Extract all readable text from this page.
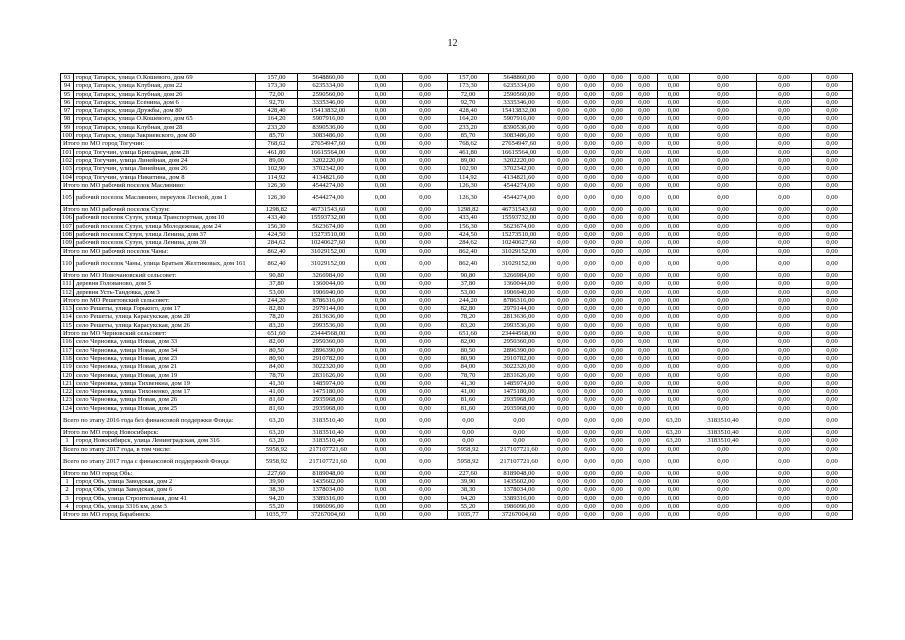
12
93	город Татарск, улица О.Кошевого, дом 69	157,00	5648860,00	0,00	0,00	157,00	5648860,00	0,00	0,00	0,00	0,00	0,00	0,00	0,00	0,00
94	город Татарск, улица Клубная, дом 22	173,30	6235334,00	0,00	0,00	173,30	6235334,00	0,00	0,00	0,00	0,00	0,00	0,00	0,00	0,00
95	город Татарск, улица Клубная, дом 26	72,00	2590560,00	0,00	0,00	72,00	2590560,00	0,00	0,00	0,00	0,00	0,00	0,00	0,00	0,00
96	город Татарск, улица Есенина, дом 6	92,70	3335346,00	0,00	0,00	92,70	3335346,00	0,00	0,00	0,00	0,00	0,00	0,00	0,00	0,00
97	город Татарск, улица Дружбы, дом 80	428,40	15413832,00	0,00	0,00	428,40	15413832,00	0,00	0,00	0,00	0,00	0,00	0,00	0,00	0,00
98	город Татарск, улица О.Кошевого, дом 65	164,20	5907916,00	0,00	0,00	164,20	5907916,00	0,00	0,00	0,00	0,00	0,00	0,00	0,00	0,00
99	город Татарск, улица Клубная, дом 28	233,20	8390536,00	0,00	0,00	233,20	8390536,00	0,00	0,00	0,00	0,00	0,00	0,00	0,00	0,00
100	город Татарск, улица Закриевского, дом 80	85,70	3083486,00	0,00	0,00	85,70	3083486,00	0,00	0,00	0,00	0,00	0,00	0,00	0,00	0,00
Итого по МО город Тогучин:		768,62	27654947,60	0,00	0,00	768,62	27654947,60	0,00	0,00	0,00	0,00	0,00	0,00	0,00	0,00
101	город Тогучин, улица Бригадная, дом 28	461,80	16615564,00	0,00	0,00	461,80	16615564,00	0,00	0,00	0,00	0,00	0,00	0,00	0,00	0,00
102	город Тогучин, улица Линейная, дом 24	89,00	3202220,00	0,00	0,00	89,00	3202220,00	0,00	0,00	0,00	0,00	0,00	0,00	0,00	0,00
103	город Тогучин, улица Линейная, дом 26	102,90	3702342,00	0,00	0,00	102,90	3702342,00	0,00	0,00	0,00	0,00	0,00	0,00	0,00	0,00
104	город Тогучин, улица Никитина, дом 8	114,92	4134821,60	0,00	0,00	114,92	4134821,60	0,00	0,00	0,00	0,00	0,00	0,00	0,00	0,00
Итого по МО рабочий поселок Масляниио:		126,30	4544274,00	0,00	0,00	126,30	4544274,00	0,00	0,00	0,00	0,00	0,00	0,00	0,00	0,00
105	рабочий поселок Маслянино, переулок Лесной, дом 1	126,30	4544274,00	0,00	0,00	126,30	4544274,00	0,00	0,00	0,00	0,00	0,00	0,00	0,00	0,00
Итого по МО рабочий поселок Сузун:		1298,82	46731543,60	0,00	0,00	1298,82	46731543,60	0,00	0,00	0,00	0,00	0,00	0,00	0,00	0,00
106	рабочий поселок Сузун, улица Транспортная, дом 10	433,40	15593732,00	0,00	0,00	433,40	15593732,00	0,00	0,00	0,00	0,00	0,00	0,00	0,00	0,00
107	рабочий поселок Сузун, улица Молодежная, дом 24	156,30	5623674,00	0,00	0,00	156,30	5623674,00	0,00	0,00	0,00	0,00	0,00	0,00	0,00	0,00
108	рабочий поселок Сузун, улица Ленина, дом 37	424,50	15273510,00	0,00	0,00	424,50	15273510,00	0,00	0,00	0,00	0,00	0,00	0,00	0,00	0,00
109	рабочий поселок Сузун, улица Ленина, дом 39	284,62	10240627,60	0,00	0,00	284,62	10240627,60	0,00	0,00	0,00	0,00	0,00	0,00	0,00	0,00
Итого по МО рабочий поселок Чаны:		862,40	31029152,00	0,00	0,00	862,40	31029152,00	0,00	0,00	0,00	0,00	0,00	0,00	0,00	0,00
110	рабочий поселок Чаны, улица Братьев Желтиковых, дом 161	862,40	31029152,00	0,00	0,00	862,40	31029152,00	0,00	0,00	0,00	0,00	0,00	0,00	0,00	0,00
Итого по МО Новочановский сельсовет:		90,80	3266984,00	0,00	0,00	90,80	3266984,00	0,00	0,00	0,00	0,00	0,00	0,00	0,00	0,00
111	деревня Головановo, дом 5	37,80	1360044,00	0,00	0,00	37,80	1360044,00	0,00	0,00	0,00	0,00	0,00	0,00	0,00	0,00
112	деревня Усть-Тандовка, дом 3	53,00	1906940,00	0,00	0,00	53,00	1906940,00	0,00	0,00	0,00	0,00	0,00	0,00	0,00	0,00
Итого по МО Решетовский сельсовет:		244,20	8786316,00	0,00	0,00	244,20	8786316,00	0,00	0,00	0,00	0,00	0,00	0,00	0,00	0,00
113	село Решеты, улица Горького, дом 17	82,80	2979144,00	0,00	0,00	82,80	2979144,00	0,00	0,00	0,00	0,00	0,00	0,00	0,00	0,00
114	село Решеты, улица Карасукская, дом 28	78,20	2813636,00	0,00	0,00	78,20	2813636,00	0,00	0,00	0,00	0,00	0,00	0,00	0,00	0,00
115	село Решеты, улица Карасукская, дом 26	83,20	2993536,00	0,00	0,00	83,20	2993536,00	0,00	0,00	0,00	0,00	0,00	0,00	0,00	0,00
Итого по МО Черновский сельсовет:		651,60	23444568,00	0,00	0,00	651,60	23444568,00	0,00	0,00	0,00	0,00	0,00	0,00	0,00	0,00
116	село Черновка, улица Новая, дом 33	82,00	2950360,00	0,00	0,00	82,00	2950360,00	0,00	0,00	0,00	0,00	0,00	0,00	0,00	0,00
117	село Черновка, улица Новая, дом 34	80,50	2896390,00	0,00	0,00	80,50	2896390,00	0,00	0,00	0,00	0,00	0,00	0,00	0,00	0,00
118	село Черновка, улица Новая, дом 23	80,90	2910782,00	0,00	0,00	80,90	2910782,00	0,00	0,00	0,00	0,00	0,00	0,00	0,00	0,00
119	село Черновка, улица Новая, дом 21	84,00	3022320,00	0,00	0,00	84,00	3022320,00	0,00	0,00	0,00	0,00	0,00	0,00	0,00	0,00
120	село Черновка, улица Новая, дом 19	78,70	2831626,00	0,00	0,00	78,70	2831626,00	0,00	0,00	0,00	0,00	0,00	0,00	0,00	0,00
121	село Черновка, улица Тихвенкна, дом 19	41,30	1485974,00	0,00	0,00	41,30	1485974,00	0,00	0,00	0,00	0,00	0,00	0,00	0,00	0,00
122	село Черновка, улица Тихоненко, дом 17	41,00	1475180,00	0,00	0,00	41,00	1475180,00	0,00	0,00	0,00	0,00	0,00	0,00	0,00	0,00
123	село Черновка, улица Новая, дом 26	81,60	2935968,00	0,00	0,00	81,60	2935968,00	0,00	0,00	0,00	0,00	0,00	0,00	0,00	0,00
124	село Черновка, улица Новая, дом 25	81,60	2935968,00	0,00	0,00	81,60	2935968,00	0,00	0,00	0,00	0,00	0,00	0,00	0,00	0,00
Всего по этапу 2016 года без финансовой поддержки Фонда:		63,20	3183510,40	0,00	0,00	0,00	0,00	0,00	0,00	0,00	0,00	63,20	3183510,40	0,00	0,00
Итого по МО город Новосибирск:		63,20	3183510,40	0,00	0,00	0,00	0,00	0,00	0,00	0,00	0,00	63,20	3183510,40	0,00	0,00
1	город Новосибирск, улица Ленинградская, дом 316	63,20	3183510,40	0,00	0,00	0,00	0,00	0,00	0,00	0,00	0,00	63,20	3183510,40	0,00	0,00
Всего по этапу 2017 года, в том числе:		5958,92	217107721,60	0,00	0,00	5958,92	217107721,60	0,00	0,00	0,00	0,00	0,00	0,00	0,00	0,00
Всего по этапу 2017 года с финансовой поддержкой Фонда		5958,92	217107721,60	0,00	0,00	5958,92	217107721,60	0,00	0,00	0,00	0,00	0,00	0,00	0,00	0,00
Итого по МО город Обь:		227,60	8189048,00	0,00	0,00	227,60	8189048,00	0,00	0,00	0,00	0,00	0,00	0,00	0,00	0,00
1	город Обь, улица Заводская, дом 2	39,90	1435602,00	0,00	0,00	39,90	1435602,00	0,00	0,00	0,00	0,00	0,00	0,00	0,00	0,00
2	город Обь, улица Заводская, дом 6	38,30	1378034,00	0,00	0,00	38,30	1378034,00	0,00	0,00	0,00	0,00	0,00	0,00	0,00	0,00
3	город Обь, улица Строительная, дом 41	94,20	3389316,00	0,00	0,00	94,20	3389316,00	0,00	0,00	0,00	0,00	0,00	0,00	0,00	0,00
4	город Обь, улица 3316 км, дом 3	55,20	1986096,00	0,00	0,00	55,20	1986096,00	0,00	0,00	0,00	0,00	0,00	0,00	0,00	0,00
Итого по МО город Барабинск:		1035,77	37267004,60	0,00	0,00	1035,77	37267004,60	0,00	0,00	0,00	0,00	0,00	0,00	0,00	0,00
